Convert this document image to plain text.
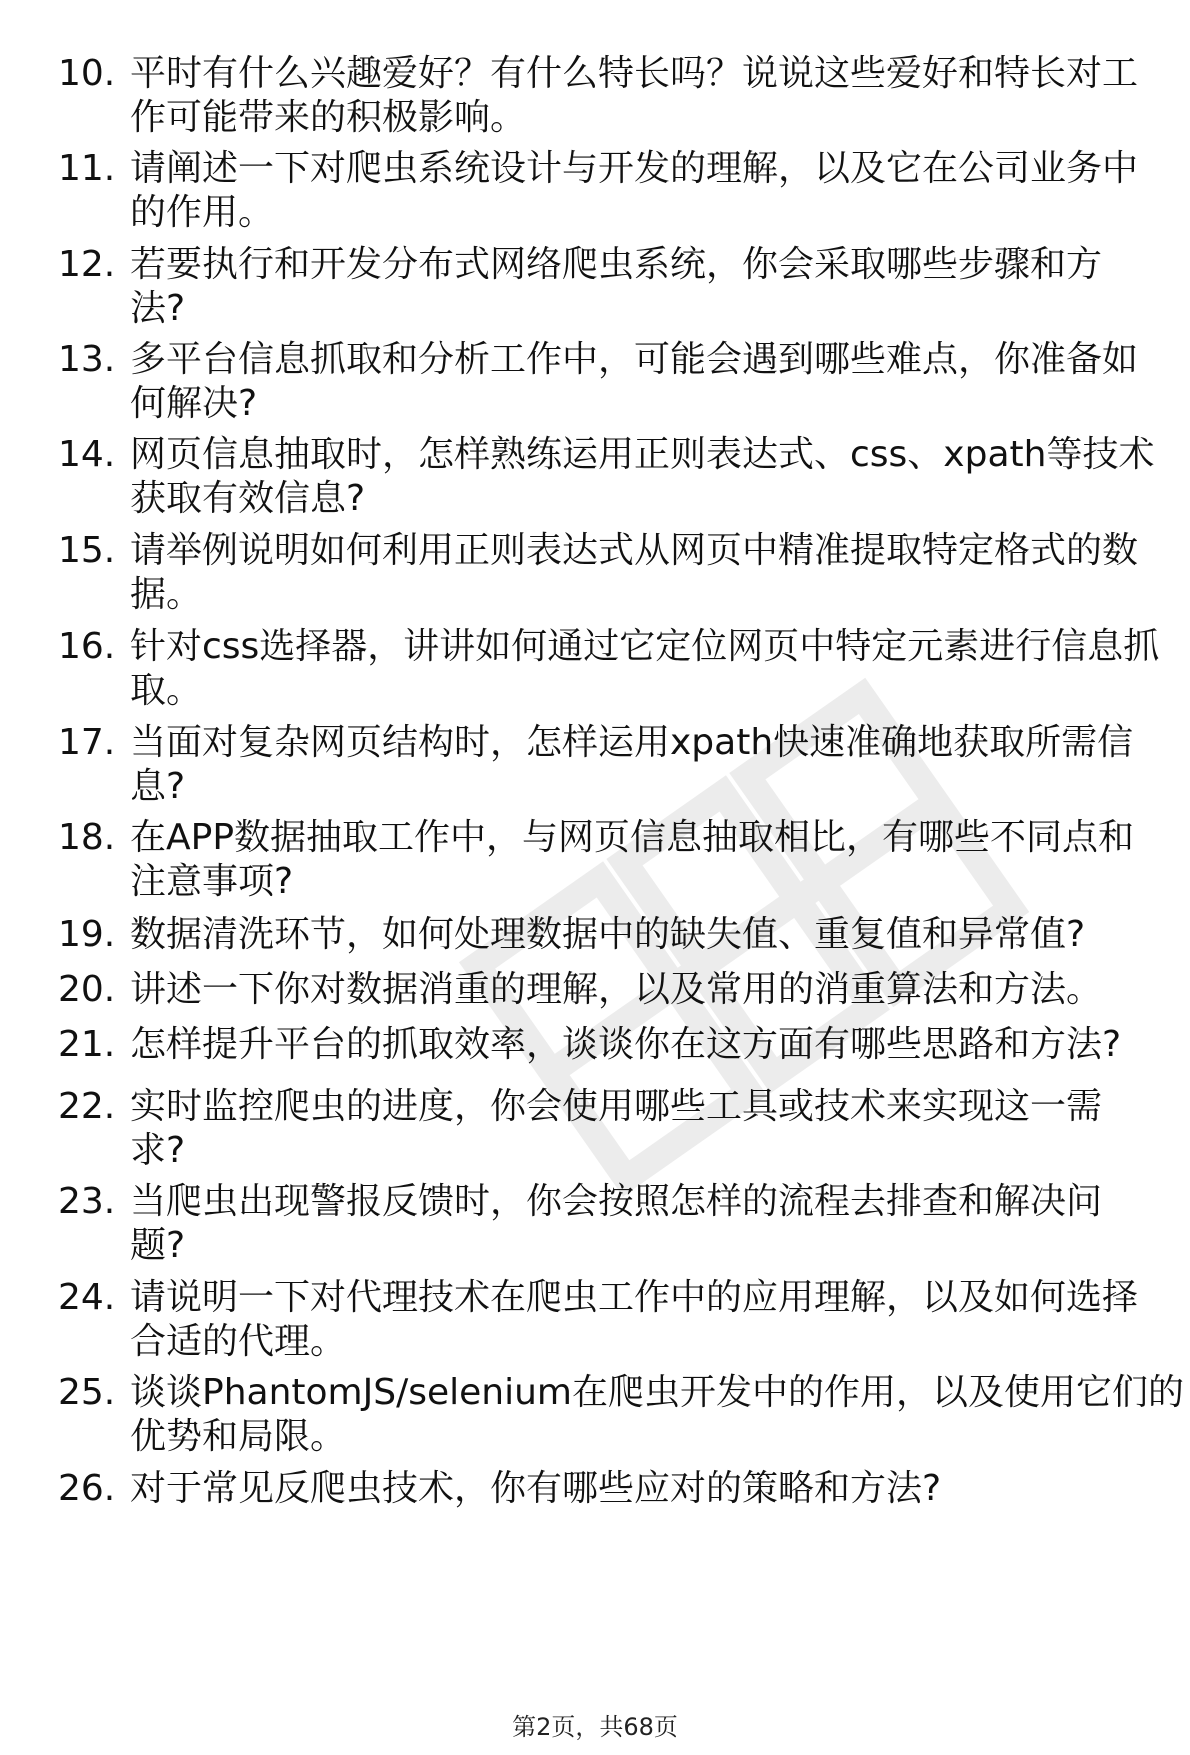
10. 平时有什么兴趣爱好？有什么特长吗？说说这些爱好和特长对工
作可能带来的积极影响。
11. 请阐述一下对爬虫系统设计与开发的理解，以及它在公司业务中
的作用。
12. 若要执行和开发分布式网络爬虫系统，你会采取哪些步骤和方
法?
13. 多平台信息抓取和分析工作中，可能会遇到哪些难点，你准备如
何解决?
14. 网页信息抽取时，怎样熟练运用正则表达式、css、xpath等技术
获取有效信息?
15. 请举例说明如何利用正则表达式从网页中精准提取特定格式的数
据。
16. 针对css选择器，讲讲如何通过它定位网页中特定元素进行信息抓
取。
17. 当面对复杂网页结构时，怎样运用xpath快速准确地获取所需信
息?
18. 在APP数据抽取工作中，与网页信息抽取相比，有哪些不同点和
注意事项?
19. 数据清洗环节，如何处理数据中的缺失值、重复值和异常值?
20. 讲述一下你对数据消重的理解，以及常用的消重算法和方法。
21. 怎样提升平台的抓取效率，谈谈你在这方面有哪些思路和方法?
22. 实时监控爬虫的进度，你会使用哪些工具或技术来实现这一需
求?
23. 当爬虫出现警报反馈时，你会按照怎样的流程去排查和解决问
题?
24. 请说明一下对代理技术在爬虫工作中的应用理解，以及如何选择
合适的代理。
25. 谈谈PhantomJS/selenium在爬虫开发中的作用，以及使用它们的
优势和局限。
26. 对于常见反爬虫技术，你有哪些应对的策略和方法?
第2页，共68页
